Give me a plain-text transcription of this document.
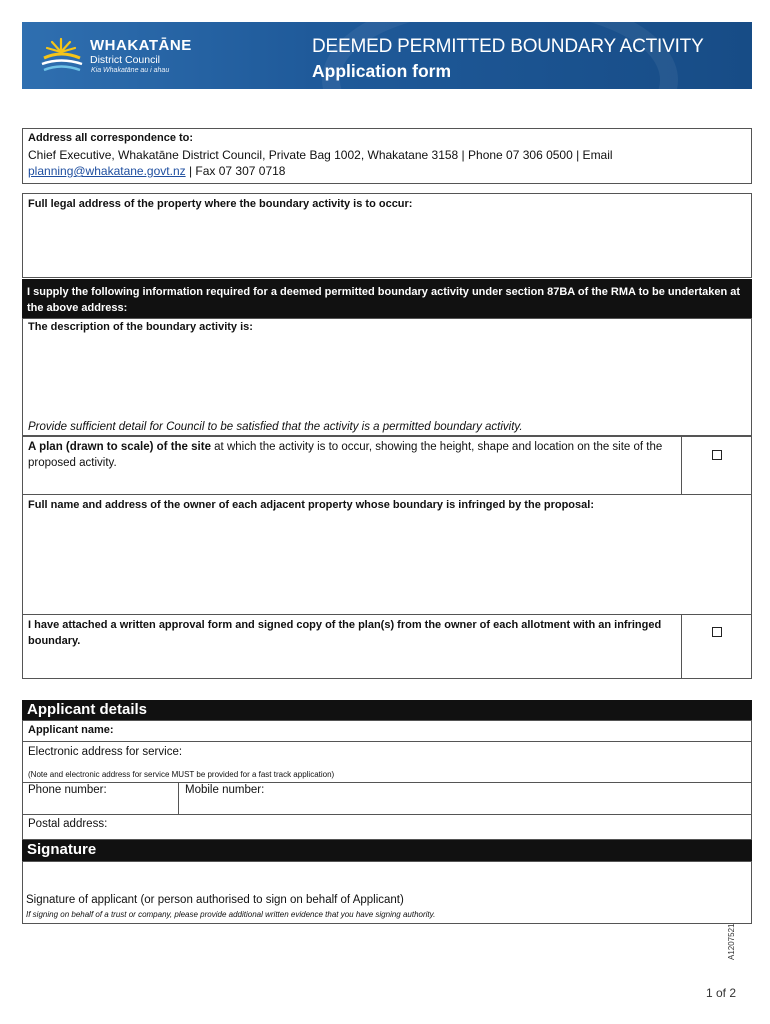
WHAKATĀNE
District Council
Kia Whakatāne au i ahau
DEEMED PERMITTED BOUNDARY ACTIVITY
Application form
Address all correspondence to:
Chief Executive, Whakatāne District Council, Private Bag 1002, Whakatane 3158 | Phone 07 306 0500 | Email
planning@whakatane.govt.nz | Fax 07 307 0718
Full legal address of the property where the boundary activity is to occur:
I supply the following information required for a deemed permitted boundary activity under section 87BA of the RMA to be undertaken at the above address:
The description of the boundary activity is:
Provide sufficient detail for Council to be satisfied that the activity is a permitted boundary activity.
A plan (drawn to scale) of the site at which the activity is to occur, showing the height, shape and location on the site of the proposed activity.
Full name and address of the owner of each adjacent property whose boundary is infringed by the proposal:
I have attached a written approval form and signed copy of the plan(s) from the owner of each allotment with an infringed boundary.
Applicant details
Applicant name:
Electronic address for service:
(Note and electronic address for service MUST be provided for a fast track application)
Phone number:	Mobile number:
Postal address:
Signature
Signature of applicant (or person authorised to sign on behalf of Applicant)
If signing on behalf of a trust or company, please provide additional written evidence that you have signing authority.
A1207521
1 of 2
